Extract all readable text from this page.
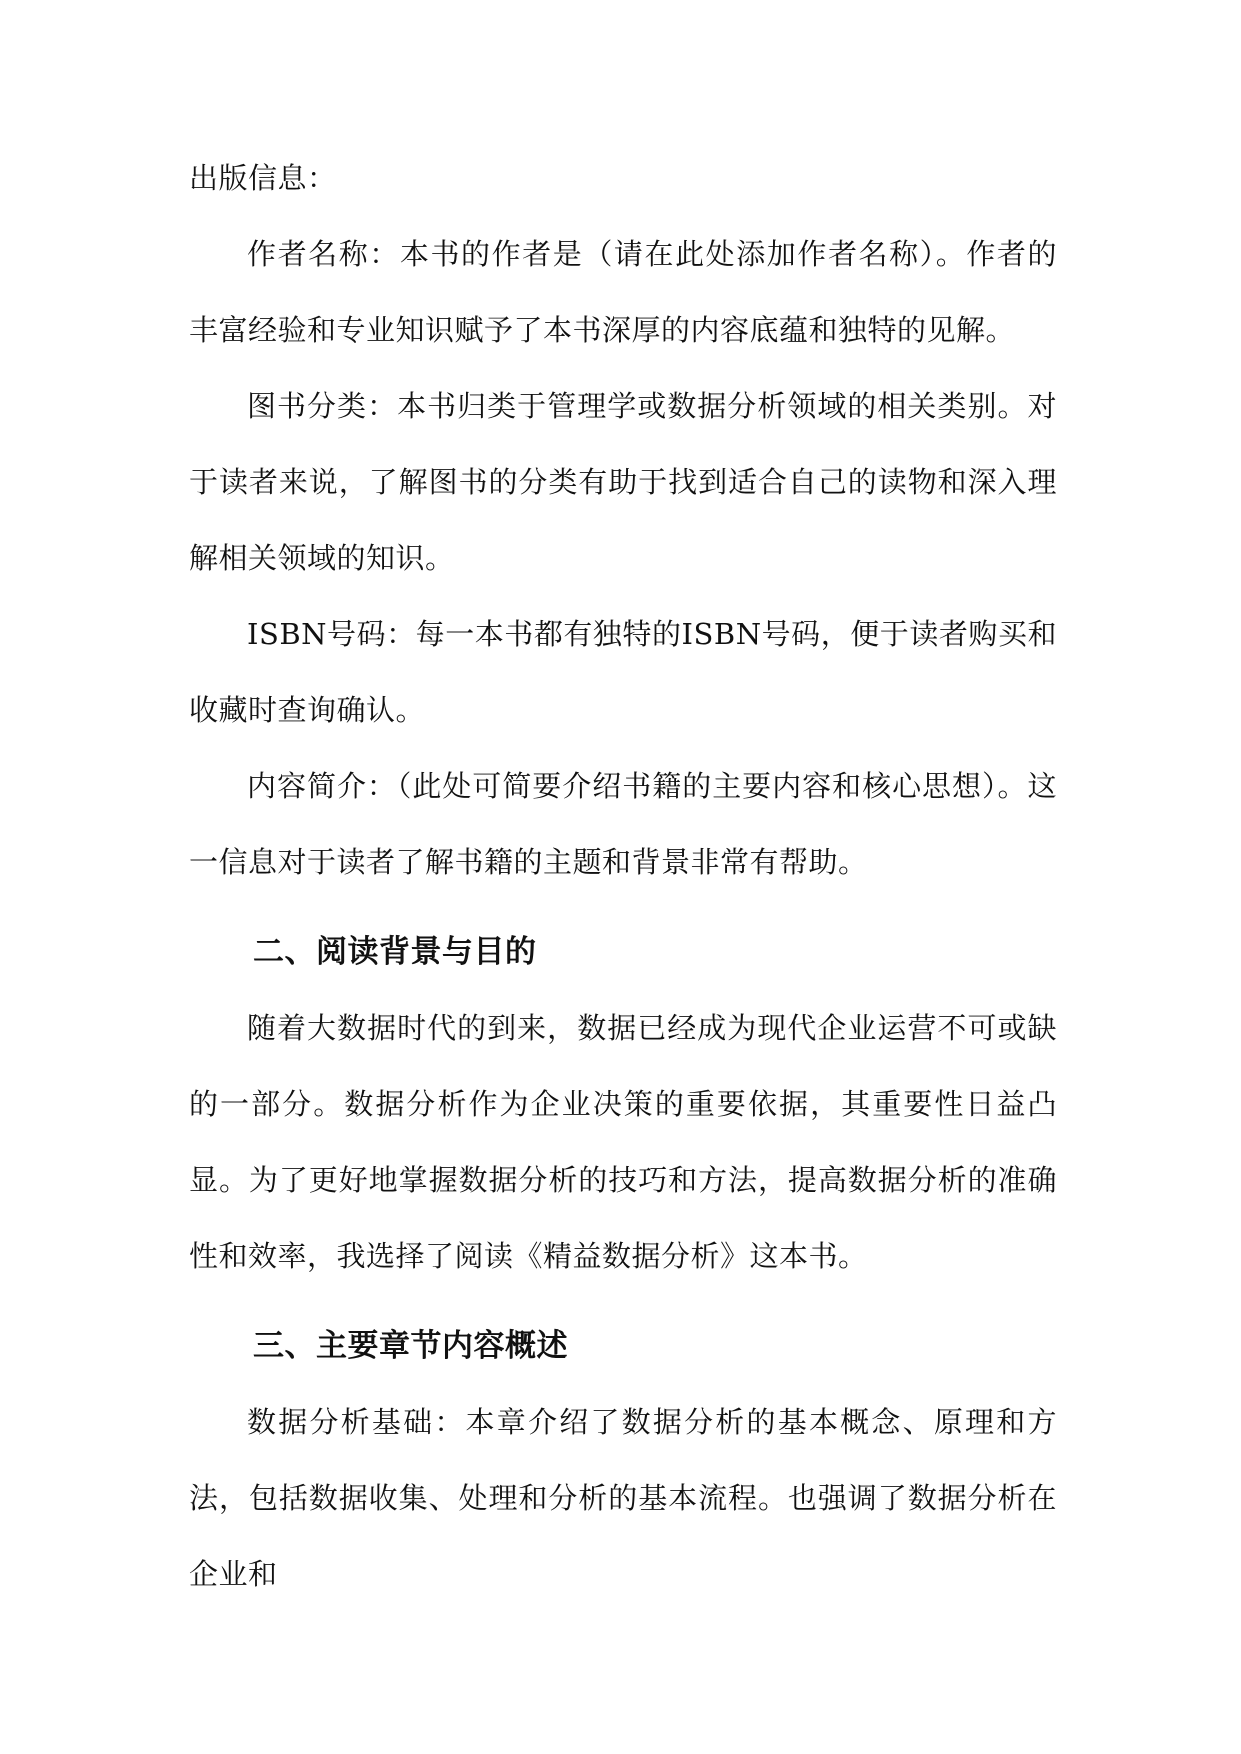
出版信息：

作者名称：本书的作者是（请在此处添加作者名称）。作者的丰富经验和专业知识赋予了本书深厚的内容底蕴和独特的见解。

图书分类：本书归类于管理学或数据分析领域的相关类别。对于读者来说，了解图书的分类有助于找到适合自己的读物和深入理解相关领域的知识。

ISBN号码：每一本书都有独特的ISBN号码，便于读者购买和收藏时查询确认。

内容简介：（此处可简要介绍书籍的主要内容和核心思想）。这一信息对于读者了解书籍的主题和背景非常有帮助。

二、阅读背景与目的

随着大数据时代的到来，数据已经成为现代企业运营不可或缺的一部分。数据分析作为企业决策的重要依据，其重要性日益凸显。为了更好地掌握数据分析的技巧和方法，提高数据分析的准确性和效率，我选择了阅读《精益数据分析》这本书。

三、主要章节内容概述

数据分析基础：本章介绍了数据分析的基本概念、原理和方法，包括数据收集、处理和分析的基本流程。也强调了数据分析在企业和
